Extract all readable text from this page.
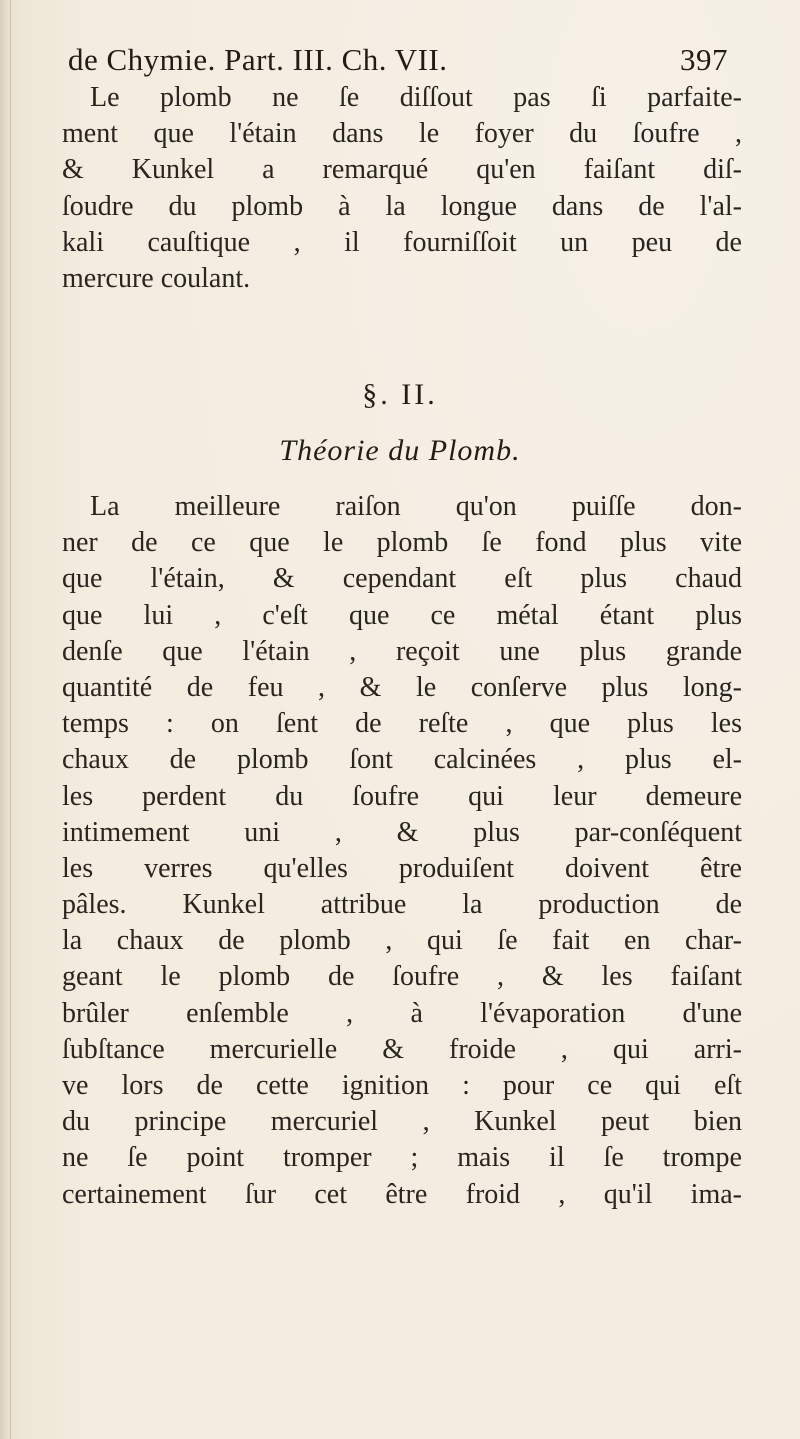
de Chymie. Part. III. Ch. VII.	397
Le plomb ne ſe diſſout pas ſi parfaite-
ment que l'étain dans le foyer du ſoufre ,
& Kunkel a remarqué qu'en faiſant diſ-
ſoudre du plomb à la longue dans de l'al-
kali cauſtique , il fourniſſoit un peu de
mercure coulant.
§. II.
Théorie du Plomb.
La meilleure raiſon qu'on puiſſe don-
ner de ce que le plomb ſe fond plus vite
que l'étain, & cependant eſt plus chaud
que lui , c'eſt que ce métal étant plus
denſe que l'étain , reçoit une plus grande
quantité de feu , & le conſerve plus long-
temps : on ſent de reſte , que plus les
chaux de plomb ſont calcinées , plus el-
les perdent du ſoufre qui leur demeure
intimement uni , & plus par-conſéquent
les verres qu'elles produiſent doivent être
pâles. Kunkel attribue la production de
la chaux de plomb , qui ſe fait en char-
geant le plomb de ſoufre , & les faiſant
brûler enſemble , à l'évaporation d'une
ſubſtance mercurielle & froide , qui arri-
ve lors de cette ignition : pour ce qui eſt
du principe mercuriel , Kunkel peut bien
ne ſe point tromper ; mais il ſe trompe
certainement ſur cet être froid , qu'il ima-
